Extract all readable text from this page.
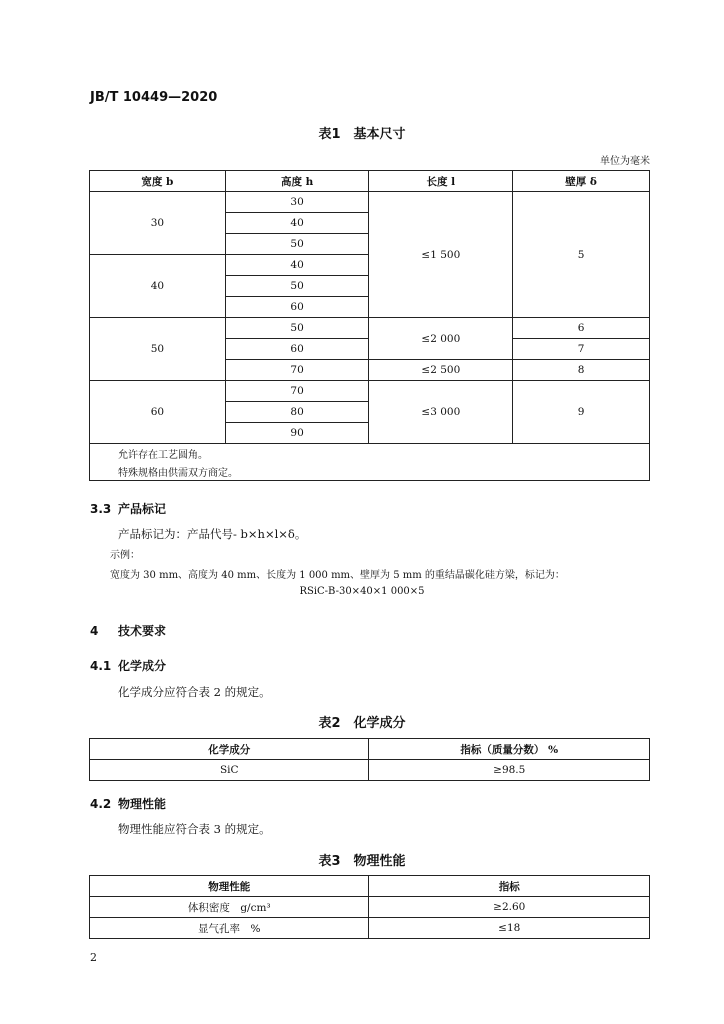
JB/T 10449—2020
表1　基本尺寸
单位为毫米
宽度 b	高度 h	长度 l	壁厚 δ
30	30	≤1 500	5
	40		
	50		
40	40		
	50		
	60		
50	50	≤2 000	6
	60		7
	70	≤2 500	8
60	70	≤3 000	9
	80		
	90		
允许存在工艺圆角。			
特殊规格由供需双方商定。			
3.3 产品标记
产品标记为：产品代号- b×h×l×δ。
示例：
宽度为 30 mm、高度为 40 mm、长度为 1 000 mm、壁厚为 5 mm 的重结晶碳化硅方梁，标记为：
RSiC-B-30×40×1 000×5
4 技术要求
4.1 化学成分
化学成分应符合表 2 的规定。
表2　化学成分
化学成分	指标（质量分数） %
SiC	≥98.5
4.2 物理性能
物理性能应符合表 3 的规定。
表3　物理性能
物理性能	指标
体积密度　g/cm³	≥2.60
显气孔率　%	≤18
2
